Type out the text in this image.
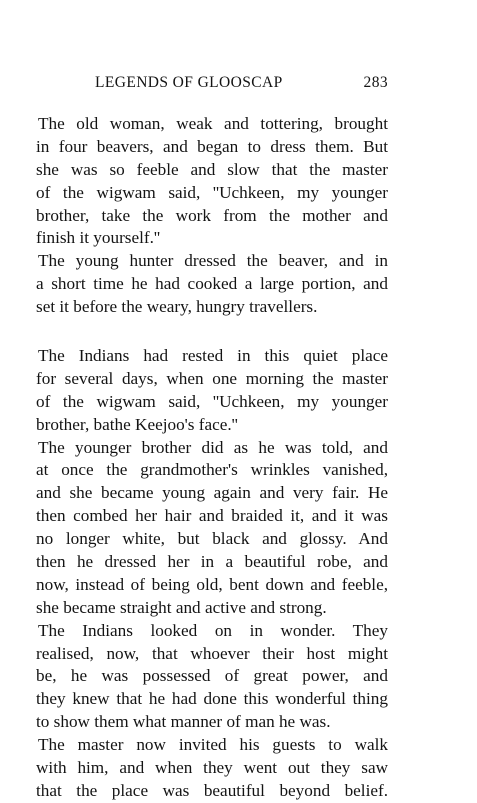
LEGENDS OF GLOOSCAP	283
The old woman, weak and tottering, brought
in four beavers, and began to dress them. But
she was so feeble and slow that the master
of the wigwam said, ''Uchkeen, my younger
brother, take the work from the mother and
finish it yourself.''
The young hunter dressed the beaver, and in
a short time he had cooked a large portion, and
set it before the weary, hungry travellers.
The Indians had rested in this quiet place
for several days, when one morning the master
of the wigwam said, ''Uchkeen, my younger
brother, bathe Keejoo's face.''
The younger brother did as he was told, and
at once the grandmother's wrinkles vanished,
and she became young again and very fair. He
then combed her hair and braided it, and it was
no longer white, but black and glossy. And
then he dressed her in a beautiful robe, and
now, instead of being old, bent down and feeble,
she became straight and active and strong.
The Indians looked on in wonder. They
realised, now, that whoever their host might
be, he was possessed of great power, and
they knew that he had done this wonderful thing
to show them what manner of man he was.
The master now invited his guests to walk
with him, and when they went out they saw
that the place was beautiful beyond belief.
